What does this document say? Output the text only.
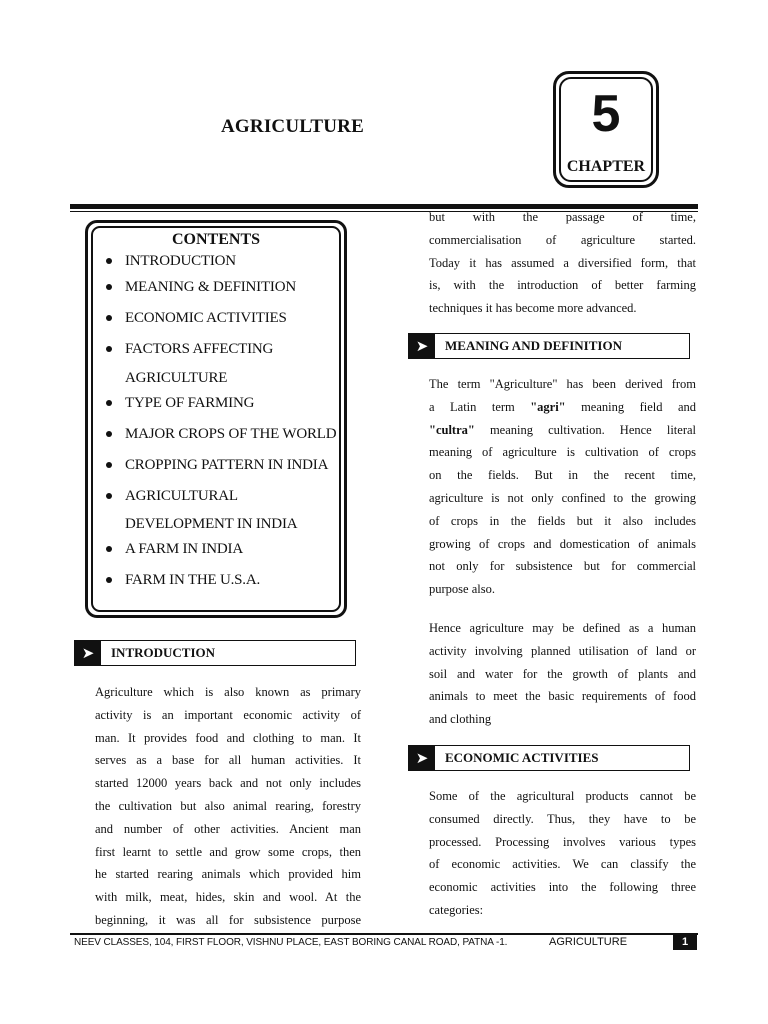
AGRICULTURE	5
CHAPTER
CONTENTS
INTRODUCTION
MEANING & DEFINITION
ECONOMIC ACTIVITIES
FACTORS AFFECTING
AGRICULTURE
TYPE OF FARMING
MAJOR CROPS OF THE WORLD
CROPPING PATTERN IN INDIA
AGRICULTURAL
DEVELOPMENT IN INDIA
A FARM IN INDIA
FARM IN THE U.S.A.
➤	INTRODUCTION
Agriculture which is also known as primary
activity is an important economic activity of
man. It provides food and clothing to man. It
serves as a base for all human activities. It
started 12000 years back and not only includes
the cultivation but also animal rearing, forestry
and number of other activities. Ancient man
first learnt to settle and grow some crops, then
he started rearing animals which provided him
with milk, meat, hides, skin and wool. At the
beginning, it was all for subsistence purpose
but with the passage of time,
commercialisation of agriculture started.
Today it has assumed a diversified form, that
is, with the introduction of better farming
techniques it has become more advanced.
➤	MEANING AND DEFINITION
The term "Agriculture" has been derived from
a Latin term "agri" meaning field and
"cultra" meaning cultivation. Hence literal
meaning of agriculture is cultivation of crops
on the fields. But in the recent time,
agriculture is not only confined to the growing
of crops in the fields but it also includes
growing of crops and domestication of animals
not only for subsistence but for commercial
purpose also.
Hence agriculture may be defined as a human
activity involving planned utilisation of land or
soil and water for the growth of plants and
animals to meet the basic requirements of food
and clothing
➤	ECONOMIC ACTIVITIES
Some of the agricultural products cannot be
consumed directly. Thus, they have to be
processed. Processing involves various types
of economic activities. We can classify the
economic activities into the following three
categories:
NEEV CLASSES, 104, FIRST FLOOR, VISHNU PLACE, EAST BORING CANAL ROAD, PATNA -1.	AGRICULTURE	1
